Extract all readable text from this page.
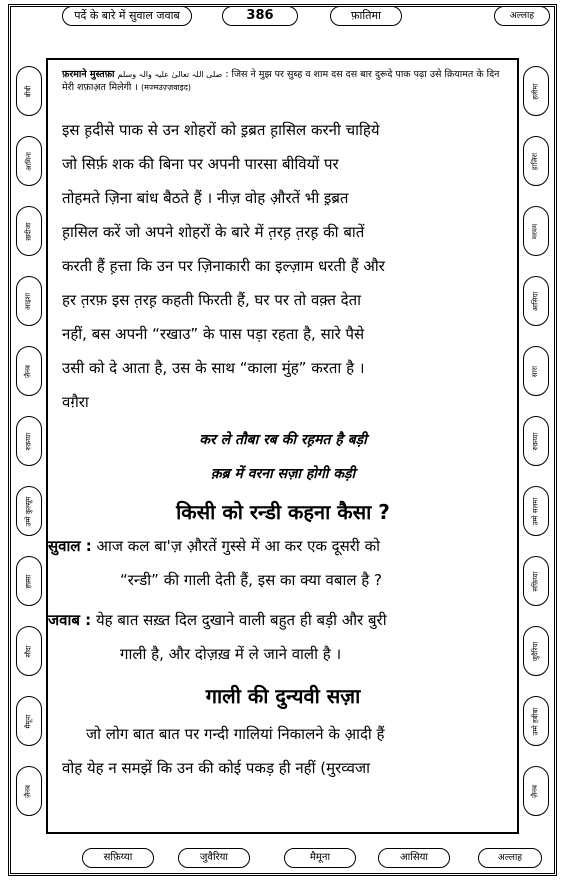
पर्दे के बारे में सुवाल जवाब	386	फ़ातिमा	अल्लाह
फ़रमाने मुस्तफ़ा صلی اللہ تعالیٰ علیہ والہ وسلم : जिस ने मुझ पर सुब्ह व शाम दस दस बार दुरूदे पाक पढ़ा उसे क़ियामत के दिन मेरी शफ़ाअ़त मिलेगी । (मज्मउज़्ज़वाइद)
बीबी
आमिना
ख़दीजा
आइशा
ज़ैनब
रुक़य्या
उम्मे कुल्सूम
हफ़्सा
सौदा
मैमूना
ज़ैनब
हलीमा
हाजिरा
मरयम
आसिया
सारा
रुक़य्या
उम्मे सलमा
सफ़िय्या
जुवैरिया
उम्मे हबीबा
ज़ैनब
इस ह़दीसे पाक से उन शोहरों को इ़ब्रत ह़ासिल करनी चाहिये
जो सिर्फ़ शक की बिना पर अपनी पारसा बीवियों पर
तोहमते ज़िना बांध बैठते हैं । नीज़ वोह औ़रतें भी इ़ब्रत
ह़ासिल करें जो अपने शोहरों के बारे में त़रह़ त़रह़ की बातें
करती हैं ह़त्ता कि उन पर ज़िनाकारी का इल्ज़ाम धरती हैं और
हर त़रफ़ इस त़रह़ कहती फिरती हैं, घर पर तो वक़्त देता
नहीं, बस अपनी “रखाउ” के पास पड़ा रहता है, सारे पैसे
उसी को दे आता है, उस के साथ “काला मुंह” करता है ।
वग़ैरा
कर ले तौबा रब की रह़मत है बड़ी
क़ब्र में वरना सज़ा होगी कड़ी
किसी को रन्डी कहना कैसा ?
सुवाल : आज कल बा'ज़ औ़रतें गुस्से में आ कर एक दूसरी को
“रन्डी” की गाली देती हैं, इस का क्या वबाल है ?
जवाब : येह बात सख़्त दिल दुखाने वाली बहुत ही बड़ी और बुरी
गाली है, और दोज़ख़ में ले जाने वाली है ।
गाली की दुन्यवी सज़ा
जो लोग बात बात पर गन्दी गालियां निकालने के आ़दी हैं
वोह येह न समझें कि उन की कोई पकड़ ही नहीं (मुरव्वजा
सफ़िय्या	जुवैरिया	मैमूना	आसिया	अल्लाह
